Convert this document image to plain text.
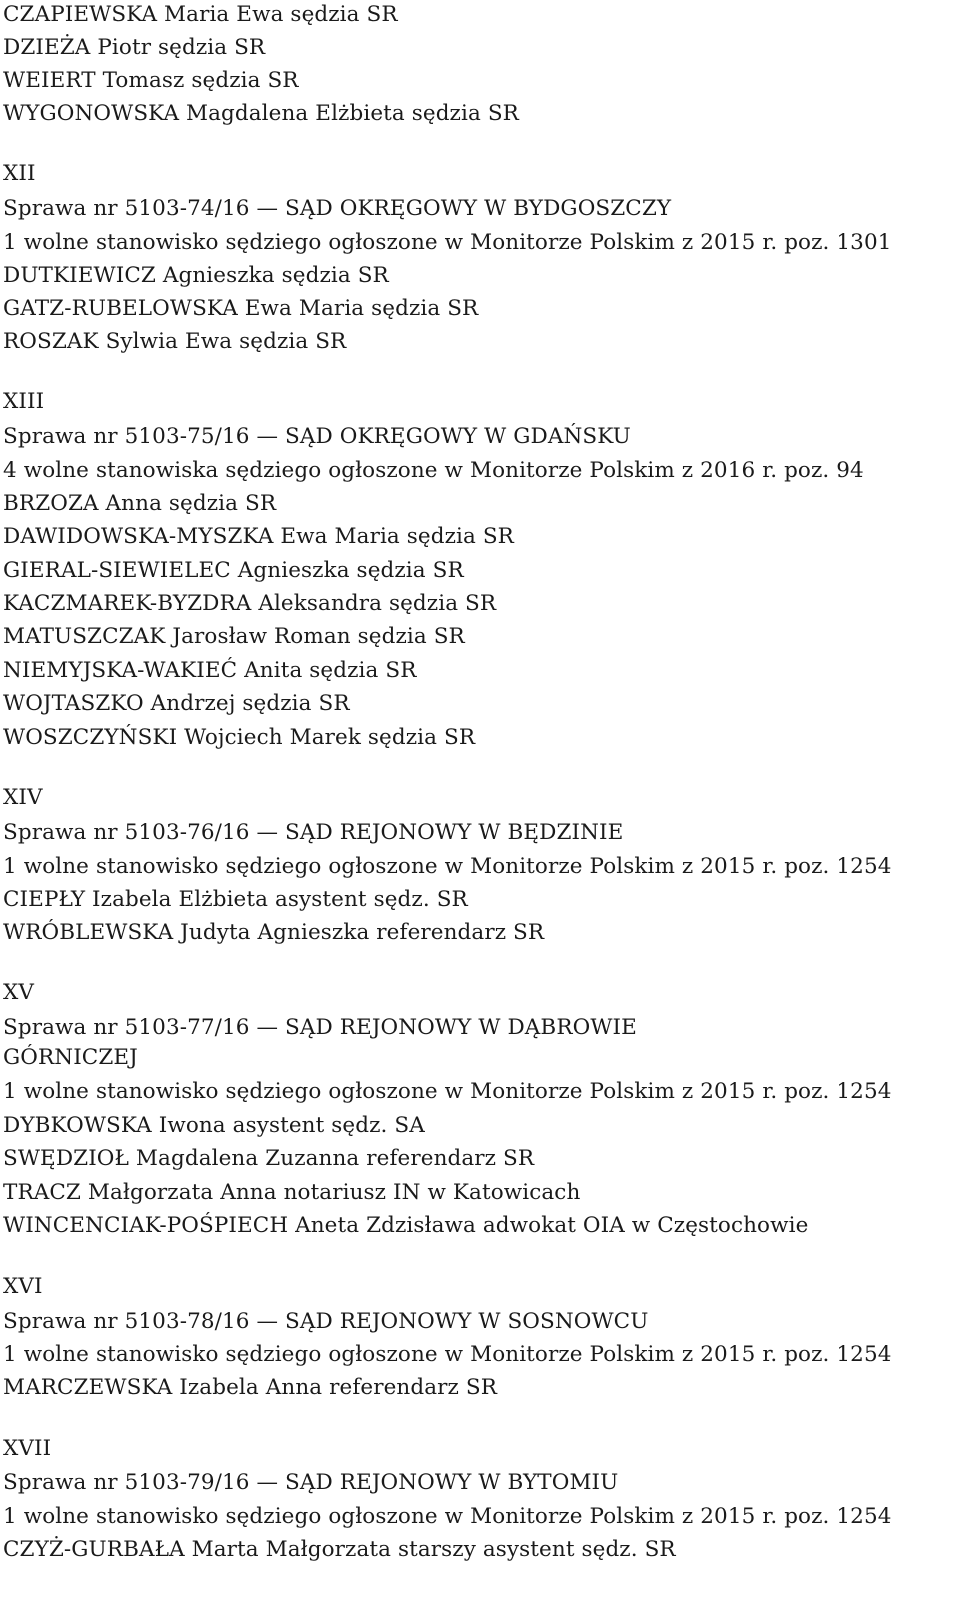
CZAPIEWSKA Maria Ewa sędzia SR
DZIEŻA Piotr sędzia SR
WEIERT Tomasz sędzia SR
WYGONOWSKA Magdalena Elżbieta sędzia SR
XII
Sprawa nr 5103-74/16 — SĄD OKRĘGOWY W BYDGOSZCZY
1 wolne stanowisko sędziego ogłoszone w Monitorze Polskim z 2015 r. poz. 1301
DUTKIEWICZ Agnieszka sędzia SR
GATZ-RUBELOWSKA Ewa Maria sędzia SR
ROSZAK Sylwia Ewa sędzia SR
XIII
Sprawa nr 5103-75/16 — SĄD OKRĘGOWY W GDAŃSKU
4 wolne stanowiska sędziego ogłoszone w Monitorze Polskim z 2016 r. poz. 94
BRZOZA Anna sędzia SR
DAWIDOWSKA-MYSZKA Ewa Maria sędzia SR
GIERAL-SIEWIELEC Agnieszka sędzia SR
KACZMAREK-BYZDRA Aleksandra sędzia SR
MATUSZCZAK Jarosław Roman sędzia SR
NIEMYJSKA-WAKIEĆ Anita sędzia SR
WOJTASZKO Andrzej sędzia SR
WOSZCZYŃSKI Wojciech Marek sędzia SR
XIV
Sprawa nr 5103-76/16 — SĄD REJONOWY W BĘDZINIE
1 wolne stanowisko sędziego ogłoszone w Monitorze Polskim z 2015 r. poz. 1254
CIEPŁY Izabela Elżbieta asystent sędz. SR
WRÓBLEWSKA Judyta Agnieszka referendarz SR
XV
Sprawa nr 5103-77/16 — SĄD REJONOWY W DĄBROWIE
GÓRNICZEJ
1 wolne stanowisko sędziego ogłoszone w Monitorze Polskim z 2015 r. poz. 1254
DYBKOWSKA Iwona asystent sędz. SA
SWĘDZIOŁ Magdalena Zuzanna referendarz SR
TRACZ Małgorzata Anna notariusz IN w Katowicach
WINCENCIAK-POŚPIECH Aneta Zdzisława adwokat OIA w Częstochowie
XVI
Sprawa nr 5103-78/16 — SĄD REJONOWY W SOSNOWCU
1 wolne stanowisko sędziego ogłoszone w Monitorze Polskim z 2015 r. poz. 1254
MARCZEWSKA Izabela Anna referendarz SR
XVII
Sprawa nr 5103-79/16 — SĄD REJONOWY W BYTOMIU
1 wolne stanowisko sędziego ogłoszone w Monitorze Polskim z 2015 r. poz. 1254
CZYŻ-GURBAŁA Marta Małgorzata starszy asystent sędz. SR
